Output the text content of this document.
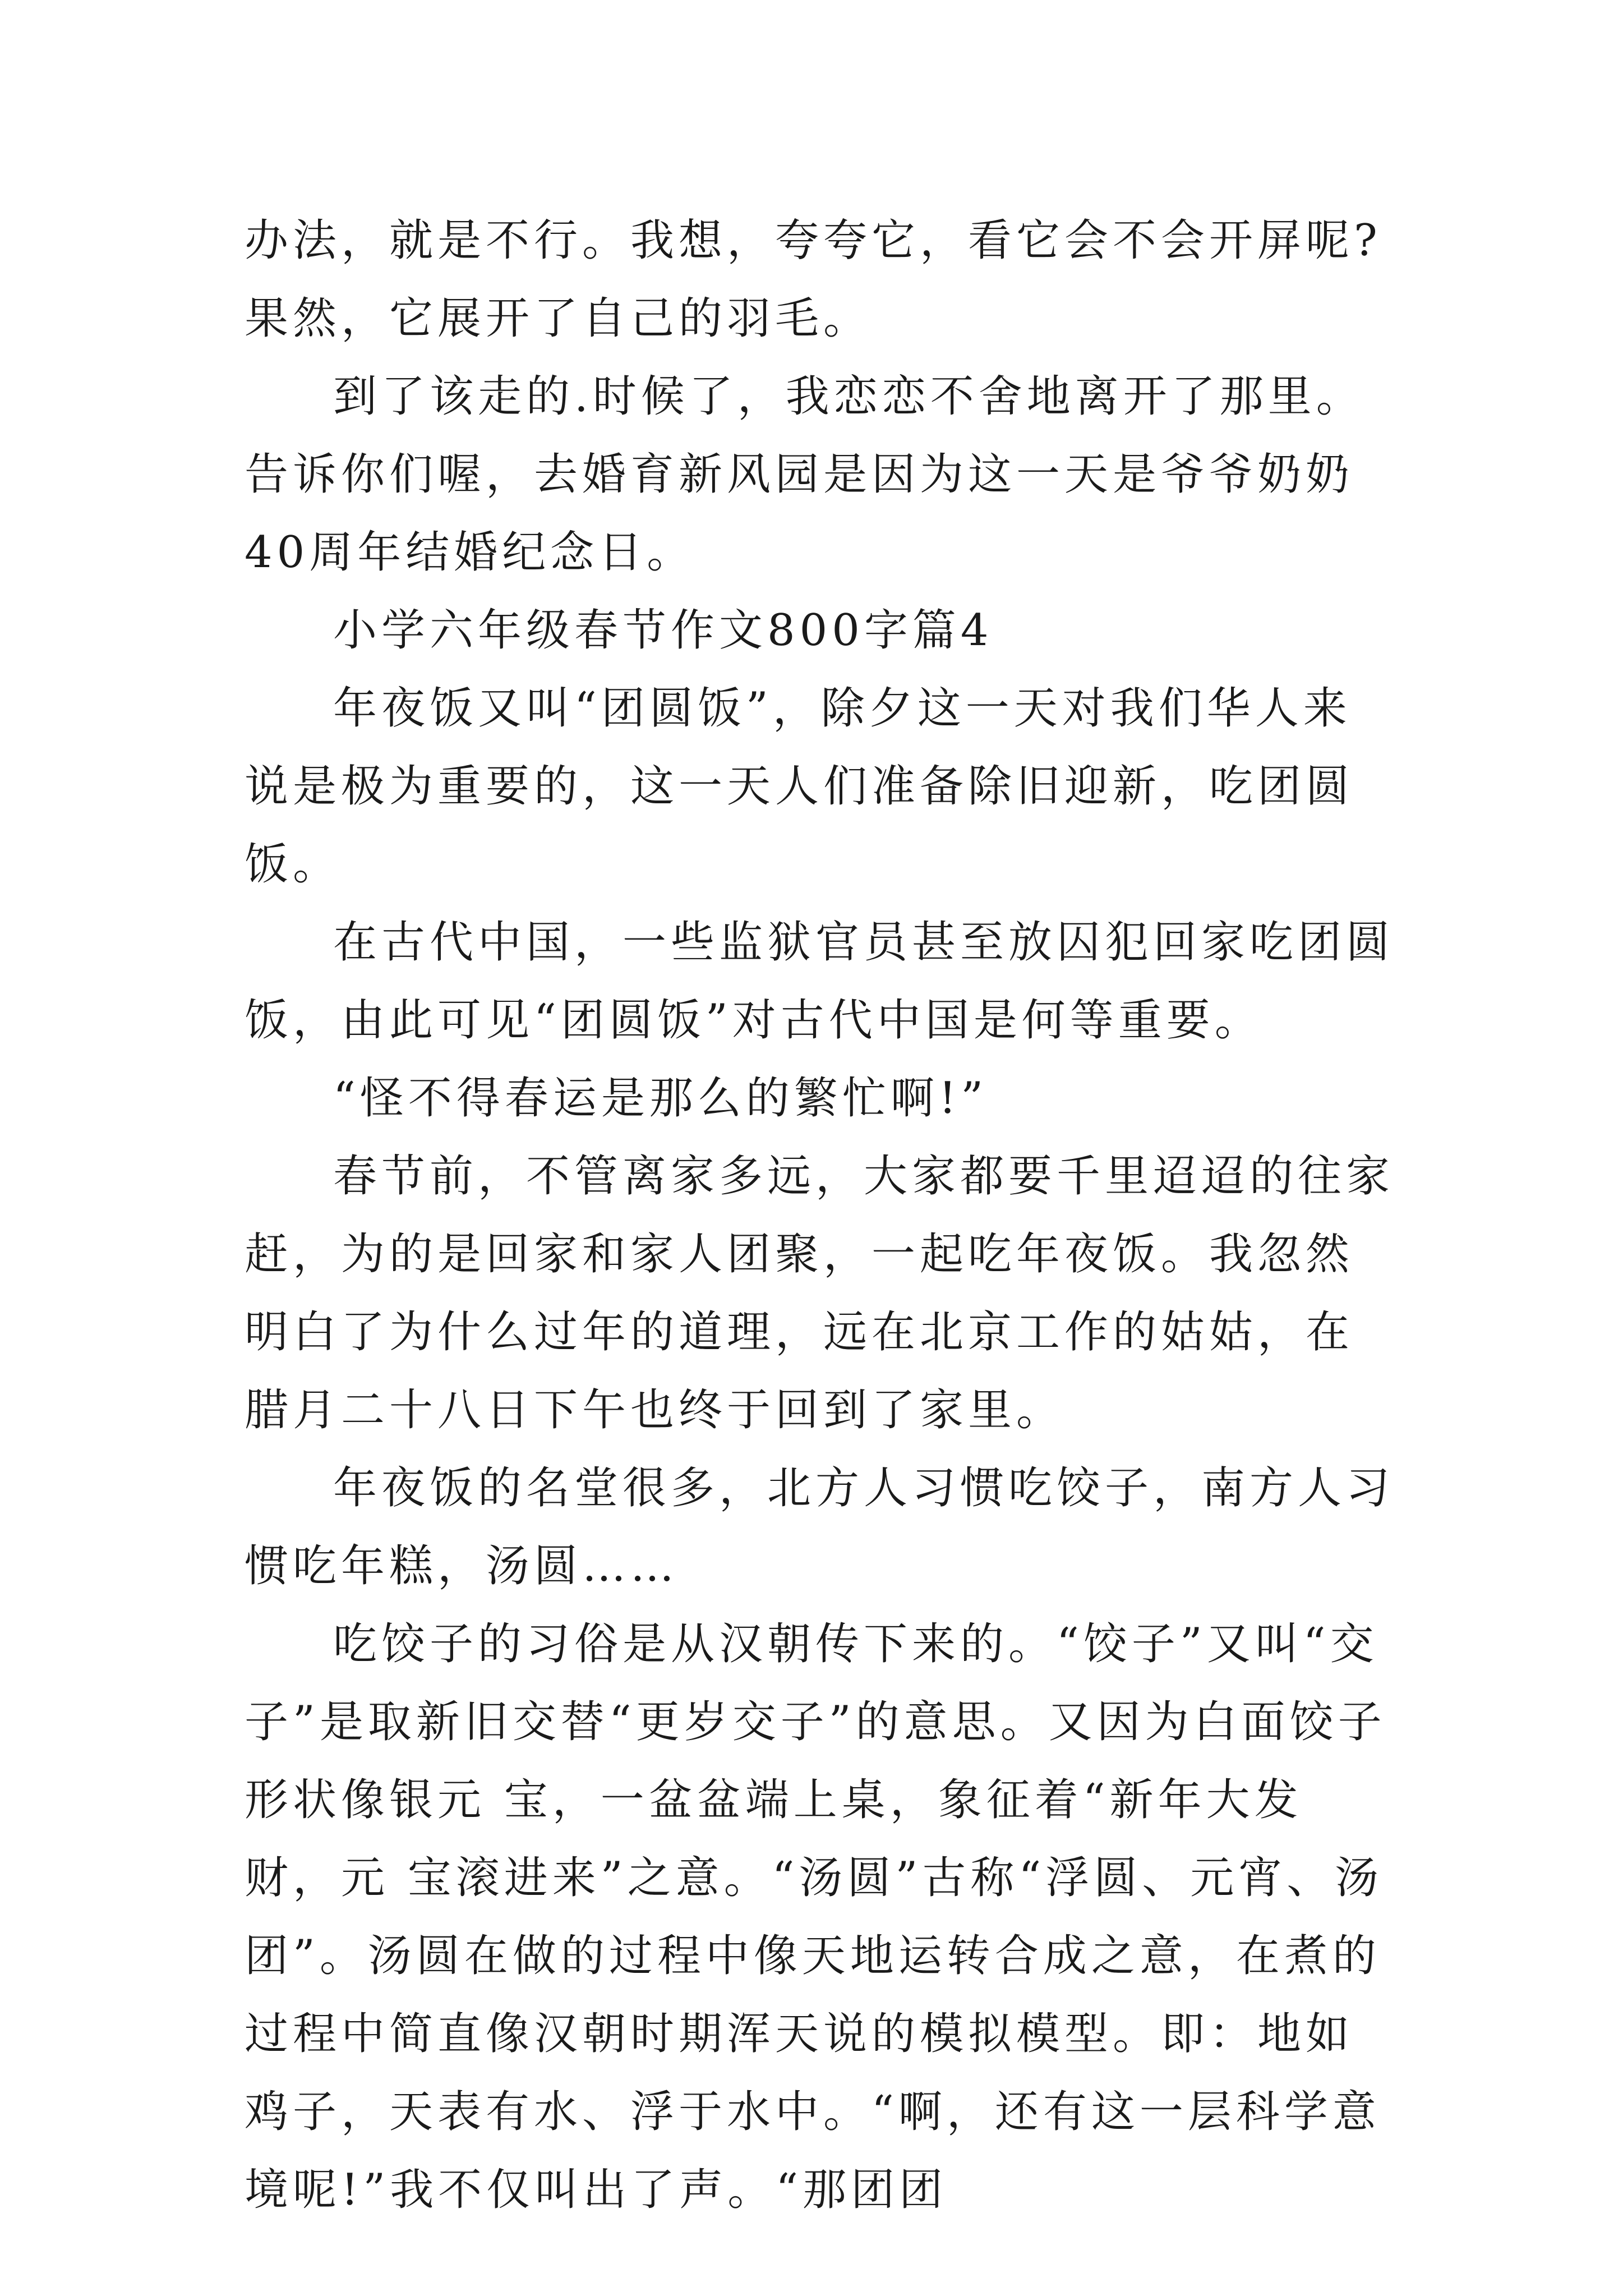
办法，就是不行。我想，夸夸它，看它会不会开屏呢?果然，它展开了自己的羽毛。

到了该走的.时候了，我恋恋不舍地离开了那里。告诉你们喔，去婚育新风园是因为这一天是爷爷奶奶40周年结婚纪念日。

小学六年级春节作文800字篇4

年夜饭又叫“团圆饭”，除夕这一天对我们华人来说是极为重要的，这一天人们准备除旧迎新，吃团圆饭。

在古代中国，一些监狱官员甚至放囚犯回家吃团圆饭，由此可见“团圆饭”对古代中国是何等重要。

“怪不得春运是那么的繁忙啊!”

春节前，不管离家多远，大家都要千里迢迢的往家赶，为的是回家和家人团聚，一起吃年夜饭。我忽然明白了为什么过年的道理，远在北京工作的姑姑，在腊月二十八日下午也终于回到了家里。

年夜饭的名堂很多，北方人习惯吃饺子，南方人习惯吃年糕，汤圆……

吃饺子的习俗是从汉朝传下来的。“饺子”又叫“交子”是取新旧交替“更岁交子”的意思。又因为白面饺子形状像银元 宝，一盆盆端上桌，象征着“新年大发财，元 宝滚进来”之意。“汤圆”古称“浮圆、元宵、汤团”。汤圆在做的过程中像天地运转合成之意，在煮的过程中简直像汉朝时期浑天说的模拟模型。即：地如鸡子，天表有水、浮于水中。“啊，还有这一层科学意境呢!”我不仅叫出了声。“那团团
